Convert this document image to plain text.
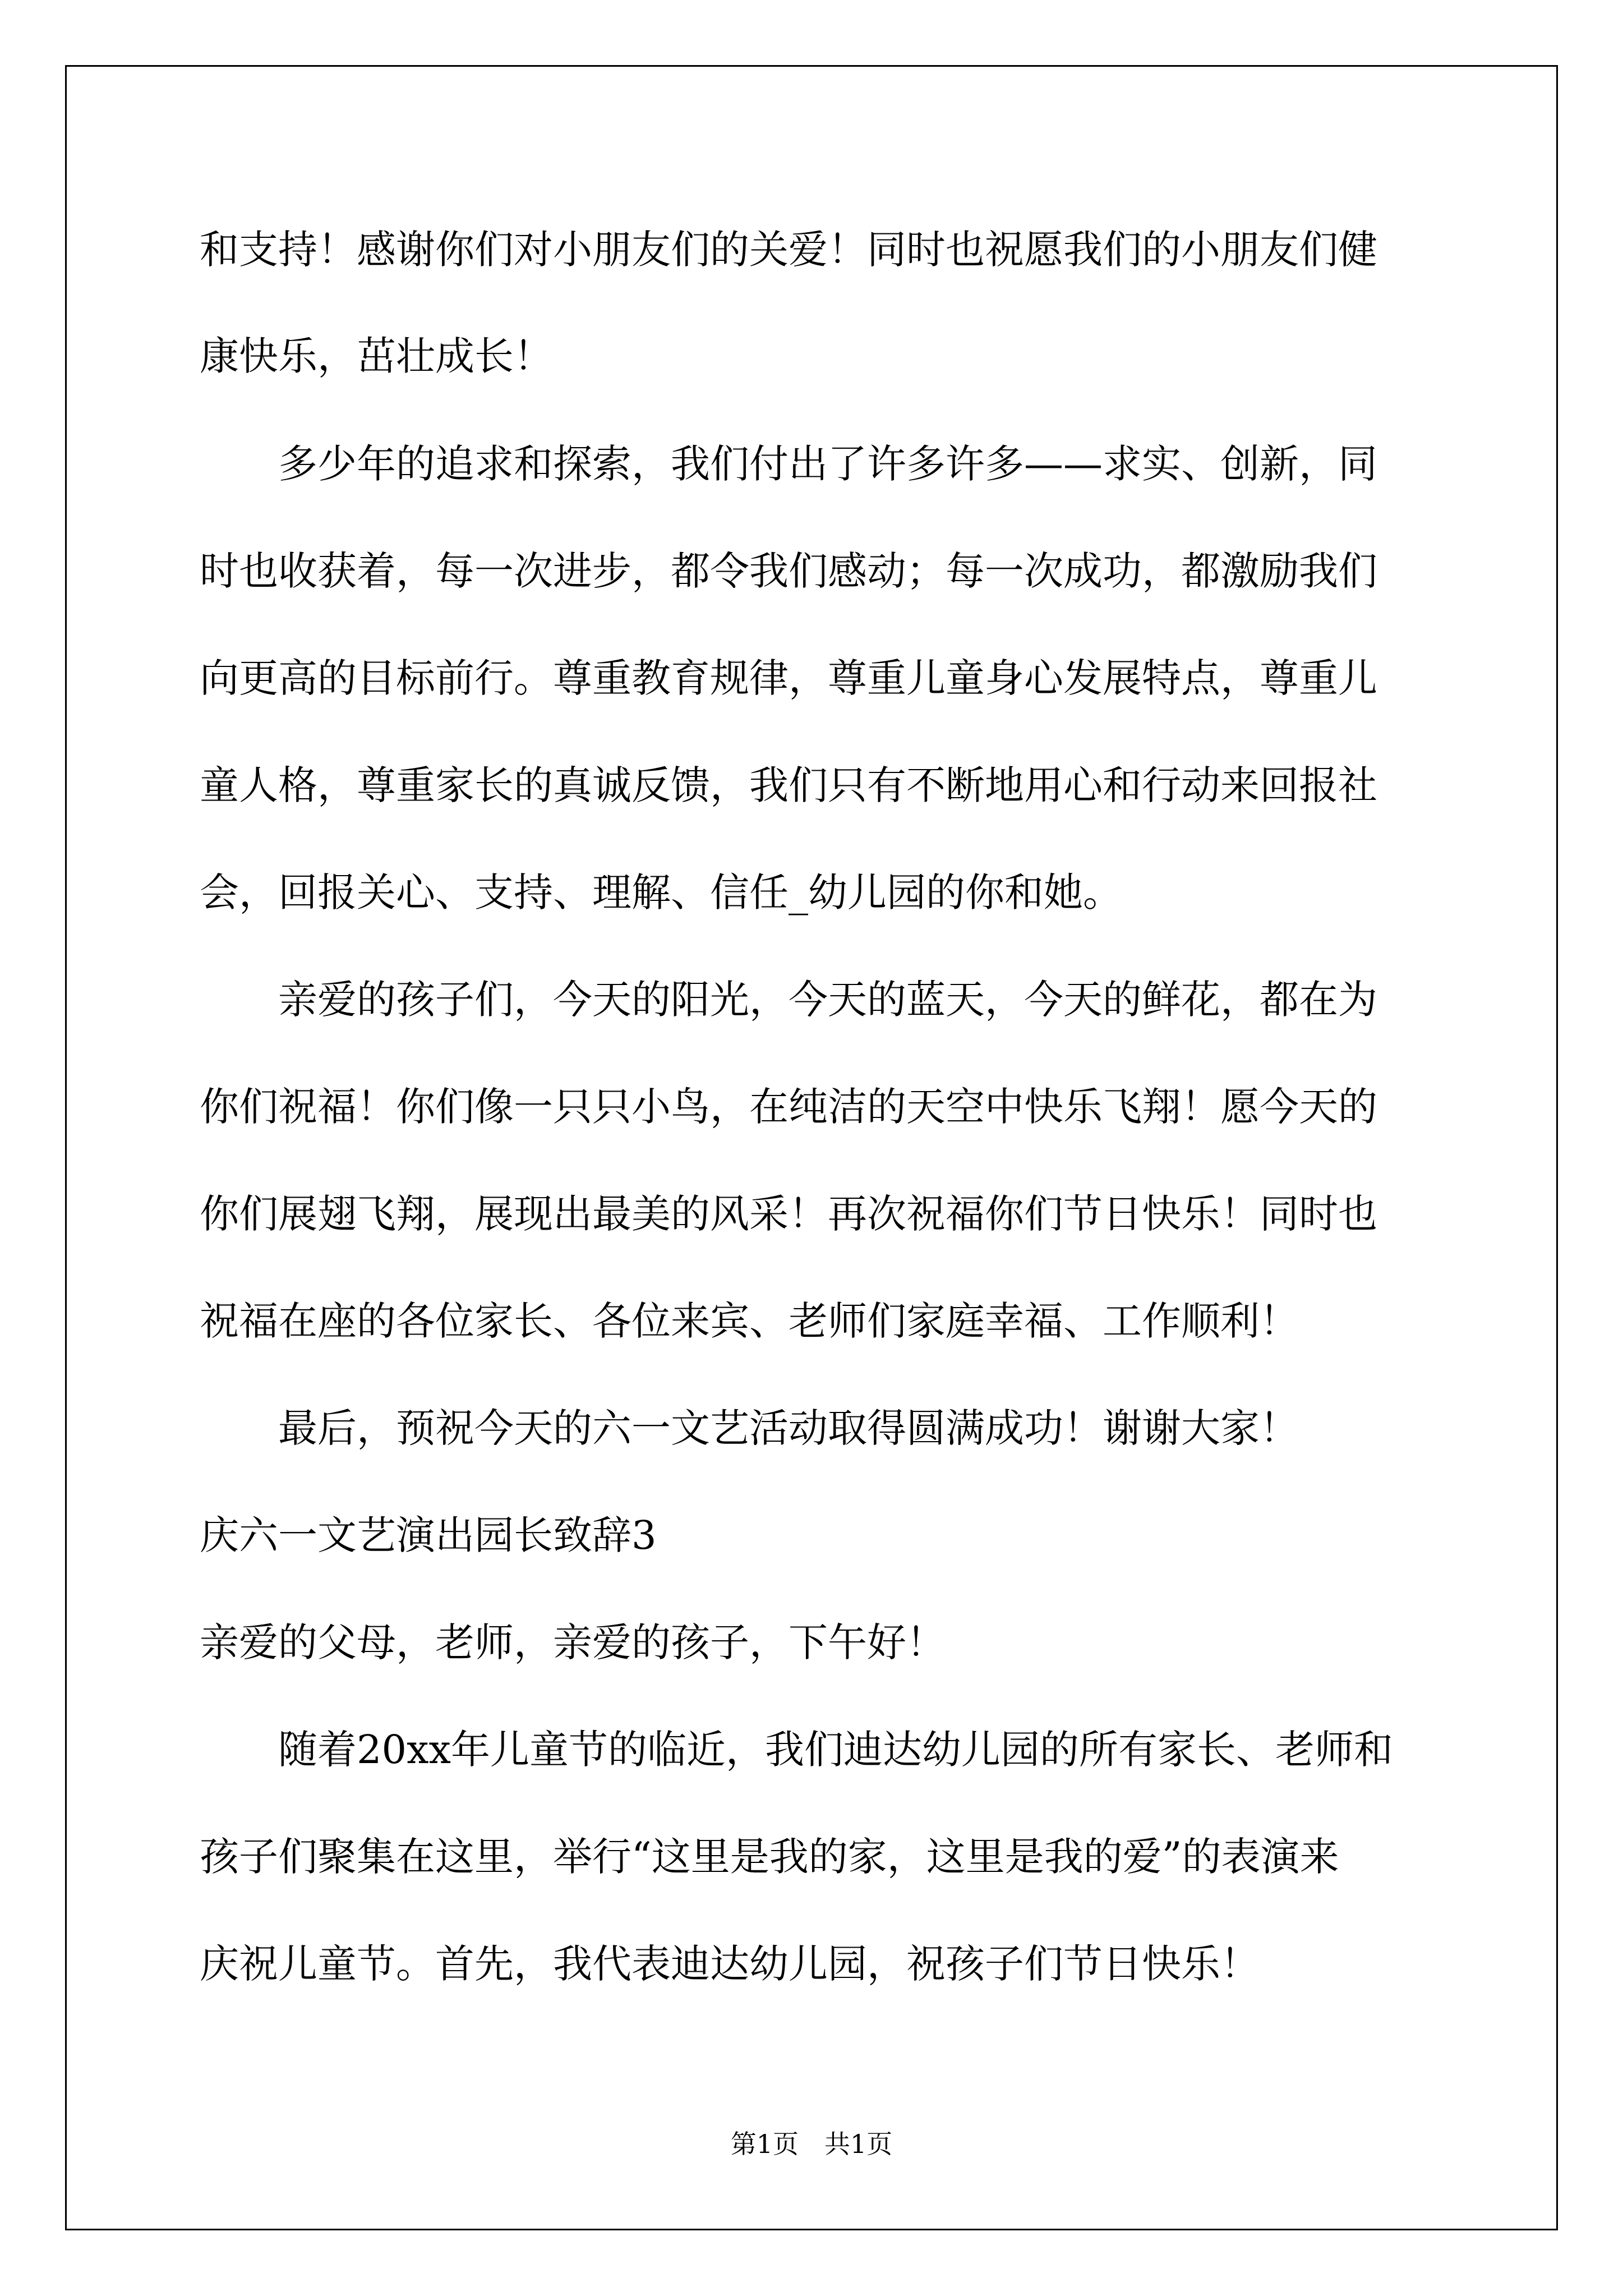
和支持！感谢你们对小朋友们的关爱！同时也祝愿我们的小朋友们健
康快乐，茁壮成长！
多少年的追求和探索，我们付出了许多许多——求实、创新，同
时也收获着，每一次进步，都令我们感动；每一次成功，都激励我们
向更高的目标前行。尊重教育规律，尊重儿童身心发展特点，尊重儿
童人格，尊重家长的真诚反馈，我们只有不断地用心和行动来回报社
会，回报关心、支持、理解、信任_幼儿园的你和她。
亲爱的孩子们，今天的阳光，今天的蓝天，今天的鲜花，都在为
你们祝福！你们像一只只小鸟，在纯洁的天空中快乐飞翔！愿今天的
你们展翅飞翔，展现出最美的风采！再次祝福你们节日快乐！同时也
祝福在座的各位家长、各位来宾、老师们家庭幸福、工作顺利！
最后，预祝今天的六一文艺活动取得圆满成功！谢谢大家！
庆六一文艺演出园长致辞3
亲爱的父母，老师，亲爱的孩子，下午好！
随着20xx年儿童节的临近，我们迪达幼儿园的所有家长、老师和
孩子们聚集在这里，举行“这里是我的家，这里是我的爱”的表演来
庆祝儿童节。首先，我代表迪达幼儿园，祝孩子们节日快乐！
第1页　共1页
